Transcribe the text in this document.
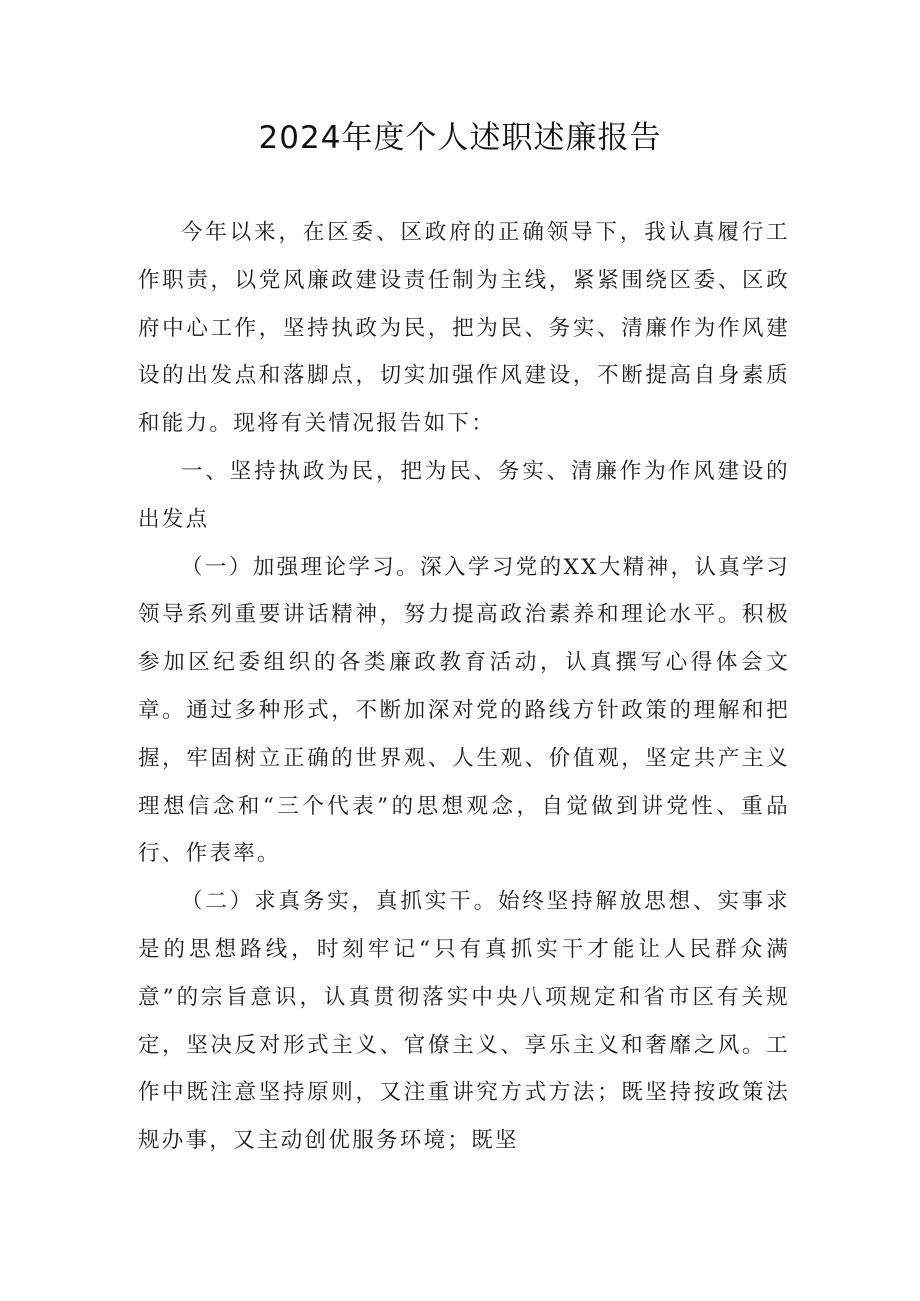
2024年度个人述职述廉报告

今年以来，在区委、区政府的正确领导下，我认真履行工作职责，以党风廉政建设责任制为主线，紧紧围绕区委、区政府中心工作，坚持执政为民，把为民、务实、清廉作为作风建设的出发点和落脚点，切实加强作风建设，不断提高自身素质和能力。现将有关情况报告如下：

一、坚持执政为民，把为民、务实、清廉作为作风建设的出发点

（一）加强理论学习。深入学习党的XX大精神，认真学习领导系列重要讲话精神，努力提高政治素养和理论水平。积极参加区纪委组织的各类廉政教育活动，认真撰写心得体会文章。通过多种形式，不断加深对党的路线方针政策的理解和把握，牢固树立正确的世界观、人生观、价值观，坚定共产主义理想信念和“三个代表”的思想观念，自觉做到讲党性、重品行、作表率。

（二）求真务实，真抓实干。始终坚持解放思想、实事求是的思想路线，时刻牢记“只有真抓实干才能让人民群众满意”的宗旨意识，认真贯彻落实中央八项规定和省市区有关规定，坚决反对形式主义、官僚主义、享乐主义和奢靡之风。工作中既注意坚持原则，又注重讲究方式方法；既坚持按政策法规办事，又主动创优服务环境；既坚
